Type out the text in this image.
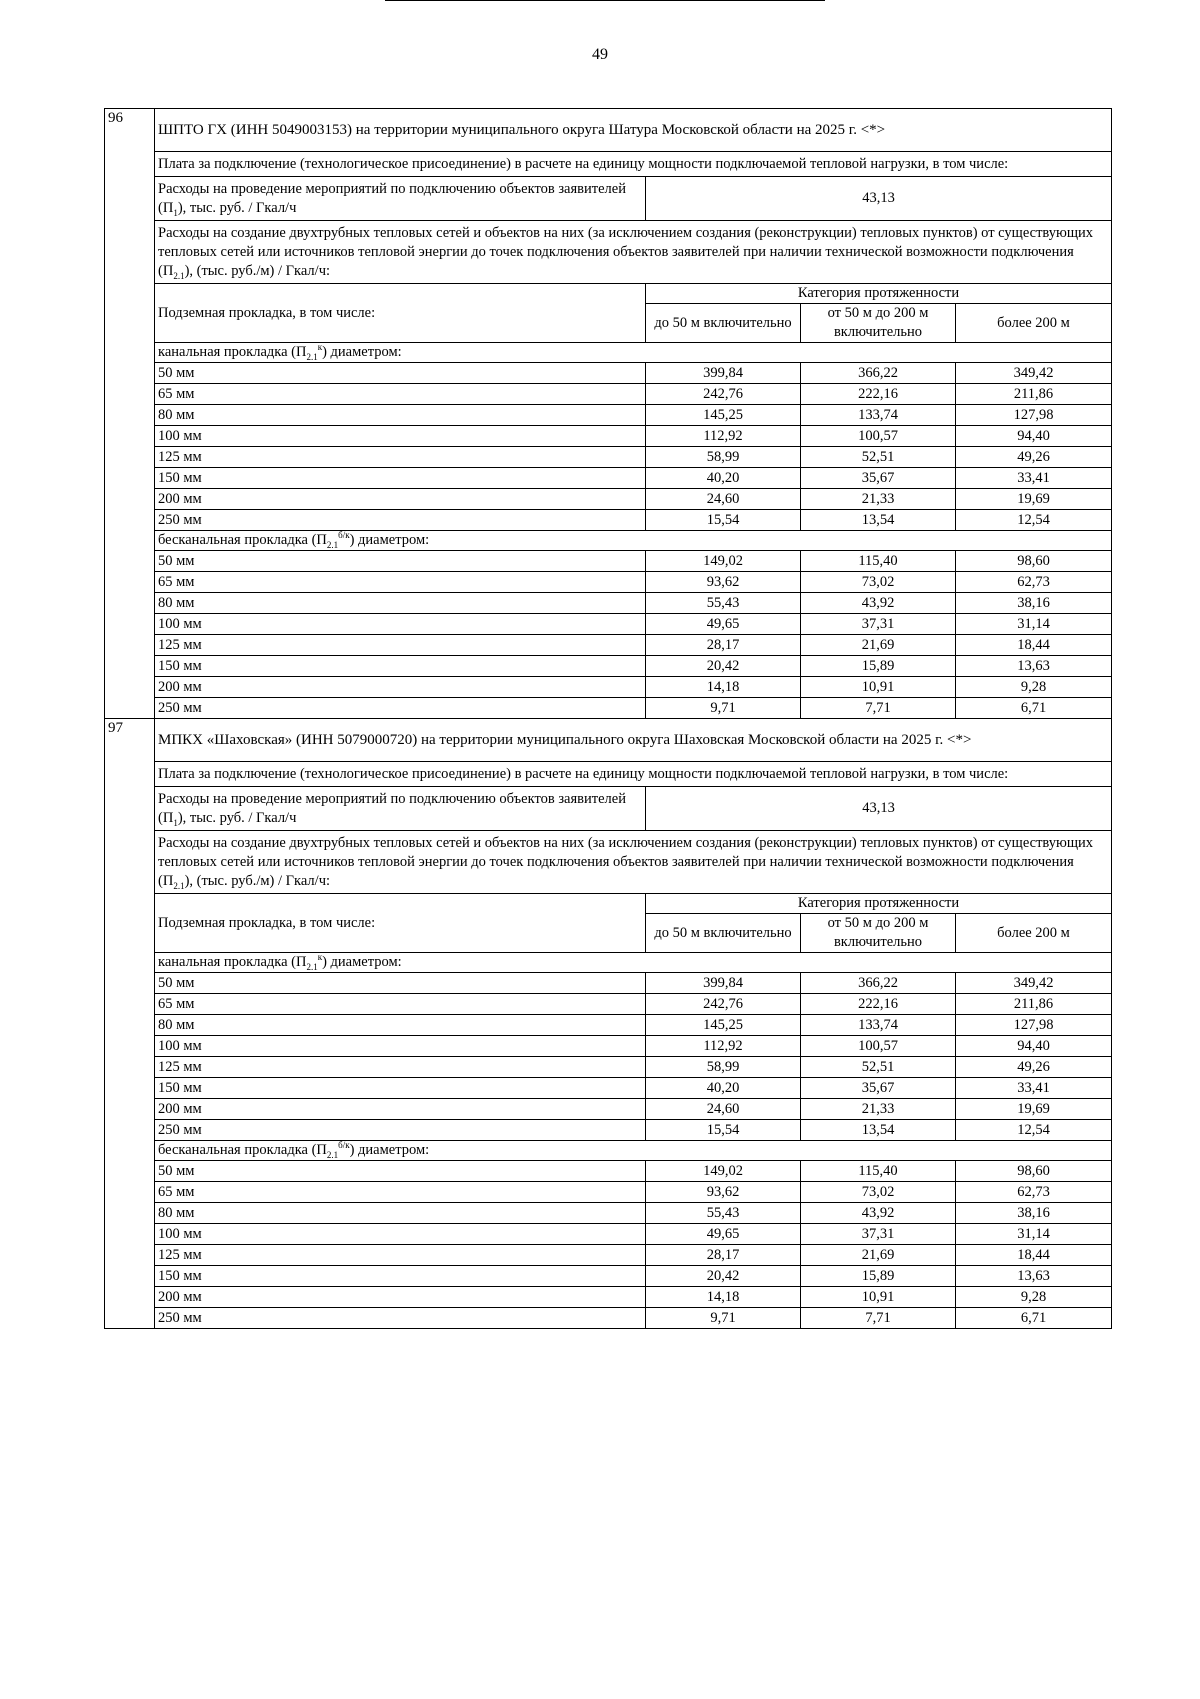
49
96	ШПТО ГХ (ИНН 5049003153) на территории муниципального округа Шатура Московской области на 2025 г. <*>			
	Плата за подключение (технологическое присоединение) в расчете на единицу мощности подключаемой тепловой нагрузки, в том числе:			
	Расходы на проведение мероприятий по подключению объектов заявителей $(П_1)$, тыс. руб. / Гкал/ч	43,13		
	Расходы на создание двухтрубных тепловых сетей и объектов на них (за исключением создания (реконструкции) тепловых пунктов) от существующих тепловых сетей или источников тепловой энергии до точек подключения объектов заявителей при наличии технической возможности подключения $(П_{2.1})$, (тыс. руб./м) / Гкал/ч:			
	Подземная прокладка, в том числе:	Категория протяженности		
		до 50 м включительно	от 50 м до 200 м включительно	более 200 м
	канальная прокладка $(П_{2.1}^к)$ диаметром:			
	50 мм	399,84	366,22	349,42
	65 мм	242,76	222,16	211,86
	80 мм	145,25	133,74	127,98
	100 мм	112,92	100,57	94,40
	125 мм	58,99	52,51	49,26
	150 мм	40,20	35,67	33,41
	200 мм	24,60	21,33	19,69
	250 мм	15,54	13,54	12,54
	бесканальная прокладка $(П_{2.1}^{б/к})$ диаметром:			
	50 мм	149,02	115,40	98,60
	65 мм	93,62	73,02	62,73
	80 мм	55,43	43,92	38,16
	100 мм	49,65	37,31	31,14
	125 мм	28,17	21,69	18,44
	150 мм	20,42	15,89	13,63
	200 мм	14,18	10,91	9,28
	250 мм	9,71	7,71	6,71
97	МПКХ «Шаховская» (ИНН 5079000720) на территории муниципального округа Шаховская Московской области на 2025 г. <*>			
	Плата за подключение (технологическое присоединение) в расчете на единицу мощности подключаемой тепловой нагрузки, в том числе:			
	Расходы на проведение мероприятий по подключению объектов заявителей $(П_1)$, тыс. руб. / Гкал/ч	43,13		
	Расходы на создание двухтрубных тепловых сетей и объектов на них (за исключением создания (реконструкции) тепловых пунктов) от существующих тепловых сетей или источников тепловой энергии до точек подключения объектов заявителей при наличии технической возможности подключения $(П_{2.1})$, (тыс. руб./м) / Гкал/ч:			
	Подземная прокладка, в том числе:	Категория протяженности		
		до 50 м включительно	от 50 м до 200 м включительно	более 200 м
	канальная прокладка $(П_{2.1}^к)$ диаметром:			
	50 мм	399,84	366,22	349,42
	65 мм	242,76	222,16	211,86
	80 мм	145,25	133,74	127,98
	100 мм	112,92	100,57	94,40
	125 мм	58,99	52,51	49,26
	150 мм	40,20	35,67	33,41
	200 мм	24,60	21,33	19,69
	250 мм	15,54	13,54	12,54
	бесканальная прокладка $(П_{2.1}^{б/к})$ диаметром:			
	50 мм	149,02	115,40	98,60
	65 мм	93,62	73,02	62,73
	80 мм	55,43	43,92	38,16
	100 мм	49,65	37,31	31,14
	125 мм	28,17	21,69	18,44
	150 мм	20,42	15,89	13,63
	200 мм	14,18	10,91	9,28
	250 мм	9,71	7,71	6,71
